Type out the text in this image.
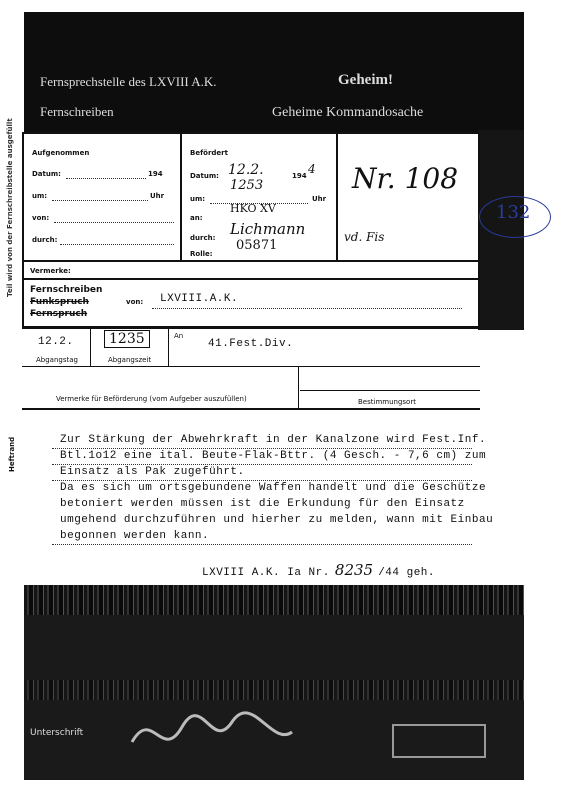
Fernsprechstelle des LXVIII A.K.	Geheim!
Fernschreiben	Geheime Kommandosache
Teil wird von der Fernschreibstelle ausgefüllt
Heftrand
Aufgenommen
Datum:	194
um:	Uhr
von:
durch:
Befördert
Datum: 12.2.	194 4
1253
um:	Uhr
an:
HKO XV
durch: Lichmann
Rolle:
05871
Nr. 108
vd. Fis
Vermerke:
Fernschreiben
Funkspruch
Fernspruch
von: LXVIII.A.K.
12.2.
Abgangstag
1235
Abgangszeit
An
41.Fest.Div.
Vermerke für Beförderung (vom Aufgeber auszufüllen)	Bestimmungsort
Zur Stärkung der Abwehrkraft in der Kanalzone wird Fest.Inf.
Btl.1o12 eine ital. Beute-Flak-Bttr. (4 Gesch. - 7,6 cm) zum
Einsatz als Pak zugeführt.
Da es sich um ortsgebundene Waffen handelt und die Geschütze
betoniert werden müssen ist die Erkundung für den Einsatz
umgehend durchzuführen und hierher zu melden, wann mit Einbau
begonnen werden kann.
LXVIII A.K. Ia Nr. 8235 /44 geh.
Unterschrift
132
